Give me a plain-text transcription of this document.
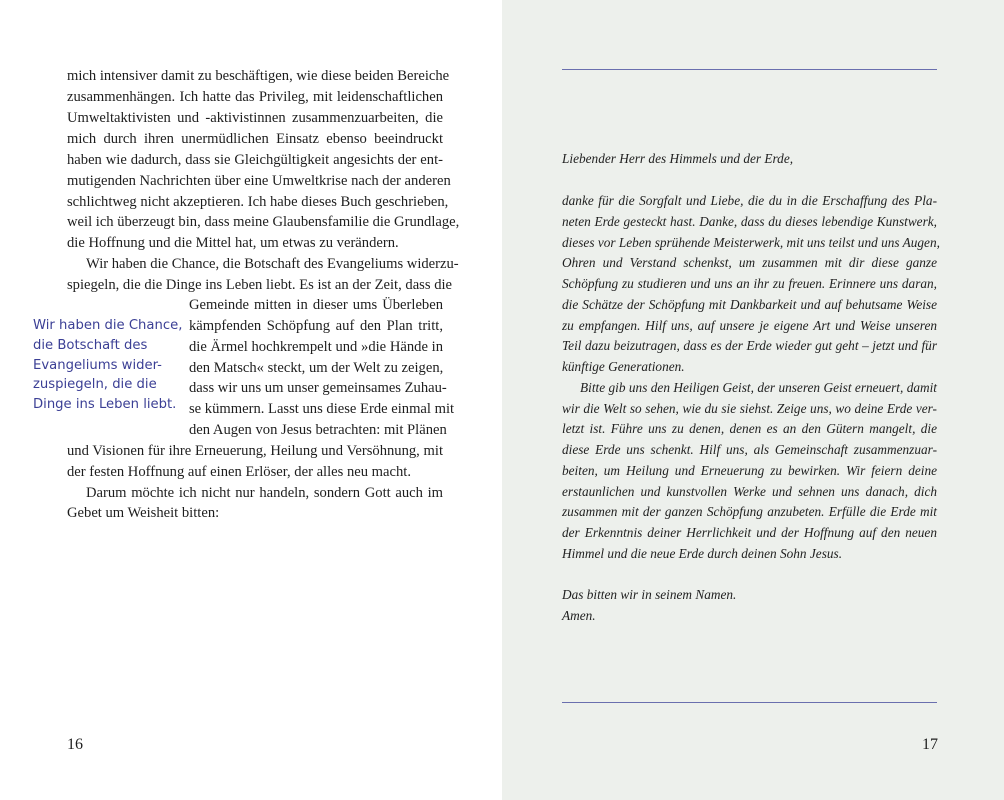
mich intensiver damit zu beschäftigen, wie diese beiden Bereiche
zusammenhängen. Ich hatte das Privileg, mit leidenschaftlichen
Umweltaktivisten und -aktivistinnen zusammenzuarbeiten, die
mich durch ihren unermüdlichen Einsatz ebenso beeindruckt
haben wie dadurch, dass sie Gleichgültigkeit angesichts der ent-
mutigenden Nachrichten über eine Umweltkrise nach der anderen
schlichtweg nicht akzeptieren. Ich habe dieses Buch geschrieben,
weil ich überzeugt bin, dass meine Glaubensfamilie die Grundlage,
die Hoffnung und die Mittel hat, um etwas zu verändern.
Wir haben die Chance, die Botschaft des Evangeliums widerzu-
spiegeln, die die Dinge ins Leben liebt. Es ist an der Zeit, dass die
Gemeinde mitten in dieser ums Überleben
kämpfenden Schöpfung auf den Plan tritt,
die Ärmel hochkrempelt und »die Hände in
den Matsch« steckt, um der Welt zu zeigen,
dass wir uns um unser gemeinsames Zuhau-
se kümmern. Lasst uns diese Erde einmal mit
den Augen von Jesus betrachten: mit Plänen
und Visionen für ihre Erneuerung, Heilung und Versöhnung, mit
der festen Hoffnung auf einen Erlöser, der alles neu macht.
Darum möchte ich nicht nur handeln, sondern Gott auch im
Gebet um Weisheit bitten:
Wir haben die Chance,
die Botschaft des
Evangeliums wider-
zuspiegeln, die die
Dinge ins Leben liebt.
16
Liebender Herr des Himmels und der Erde,
danke für die Sorgfalt und Liebe, die du in die Erschaffung des Pla-
neten Erde gesteckt hast. Danke, dass du dieses lebendige Kunstwerk,
dieses vor Leben sprühende Meisterwerk, mit uns teilst und uns Augen,
Ohren und Verstand schenkst, um zusammen mit dir diese ganze
Schöpfung zu studieren und uns an ihr zu freuen. Erinnere uns daran,
die Schätze der Schöpfung mit Dankbarkeit und auf behutsame Weise
zu empfangen. Hilf uns, auf unsere je eigene Art und Weise unseren
Teil dazu beizutragen, dass es der Erde wieder gut geht – jetzt und für
künftige Generationen.
Bitte gib uns den Heiligen Geist, der unseren Geist erneuert, damit
wir die Welt so sehen, wie du sie siehst. Zeige uns, wo deine Erde ver-
letzt ist. Führe uns zu denen, denen es an den Gütern mangelt, die
diese Erde uns schenkt. Hilf uns, als Gemeinschaft zusammenzuar-
beiten, um Heilung und Erneuerung zu bewirken. Wir feiern deine
erstaunlichen und kunstvollen Werke und sehnen uns danach, dich
zusammen mit der ganzen Schöpfung anzubeten. Erfülle die Erde mit
der Erkenntnis deiner Herrlichkeit und der Hoffnung auf den neuen
Himmel und die neue Erde durch deinen Sohn Jesus.
Das bitten wir in seinem Namen.
Amen.
17
